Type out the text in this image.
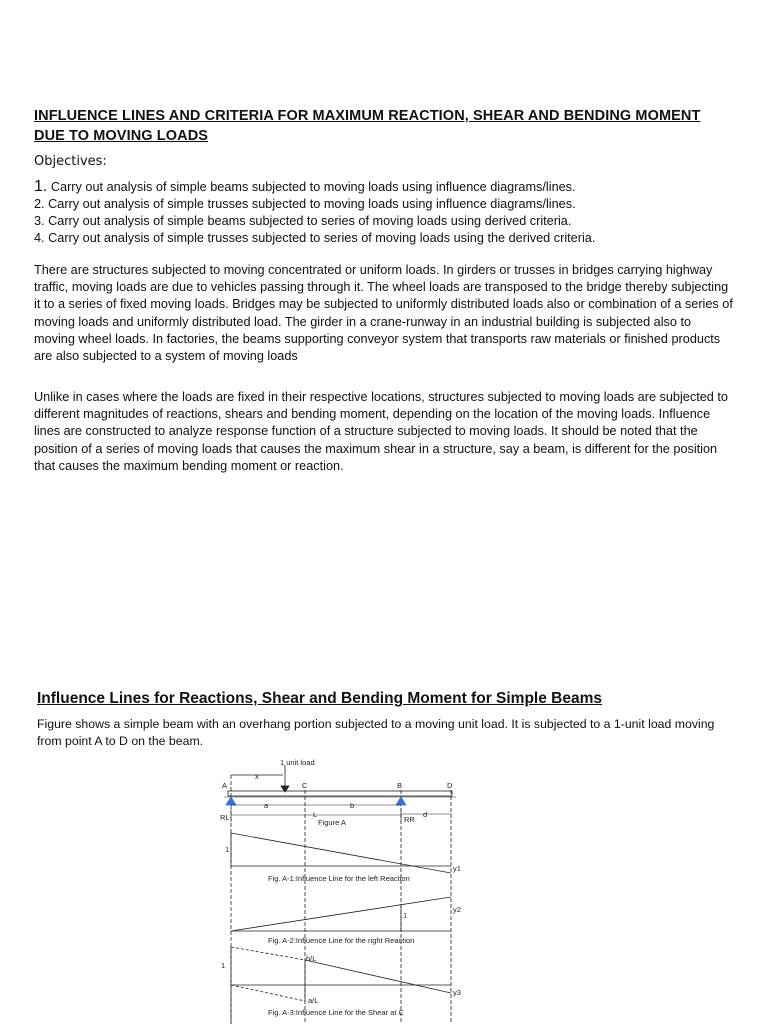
INFLUENCE LINES AND CRITERIA FOR MAXIMUM REACTION, SHEAR AND BENDING MOMENT DUE TO MOVING LOADS
Objectives:
1. Carry out analysis of simple beams subjected to moving loads using influence diagrams/lines.
2. Carry out analysis of simple trusses subjected to moving loads using influence diagrams/lines.
3. Carry out analysis of simple beams subjected to series of moving loads using derived criteria.
4. Carry out analysis of simple trusses subjected to series of moving loads using the derived criteria.
There are structures subjected to moving concentrated or uniform loads. In girders or trusses in bridges carrying highway traffic, moving loads are due to vehicles passing through it. The wheel loads are transposed to the bridge thereby subjecting it to a series of fixed moving loads. Bridges may be subjected to uniformly distributed loads also or combination of a series of moving loads and uniformly distributed load. The girder in a crane-runway in an industrial building is subjected also to moving wheel loads. In factories, the beams supporting conveyor system that transports raw materials or finished products are also subjected to a system of moving loads
Unlike in cases where the loads are fixed in their respective locations, structures subjected to moving loads are subjected to different magnitudes of reactions, shears and bending moment, depending on the location of the moving loads. Influence lines are constructed to analyze response function of a structure subjected to moving loads. It should be noted that the position of a series of moving loads that causes the maximum shear in a structure, say a beam, is different for the position that causes the maximum bending moment or reaction.
Influence Lines for Reactions, Shear and Bending Moment for Simple Beams
Figure shows a simple beam with an overhang portion subjected to a moving unit load. It is subjected to a 1-unit load moving from point A to D on the beam.
1 unit load
x
A	C	B	D
a	b
d
L
RL	RR
Figure A
1
y1
Fig. A-1:Influence Line for the left Reaction
1
y2
Fig. A-2:Influence Line for the right Reaction
1
b/L
a/L
y3
Fig. A-3:Influence Line for the Shear at C
